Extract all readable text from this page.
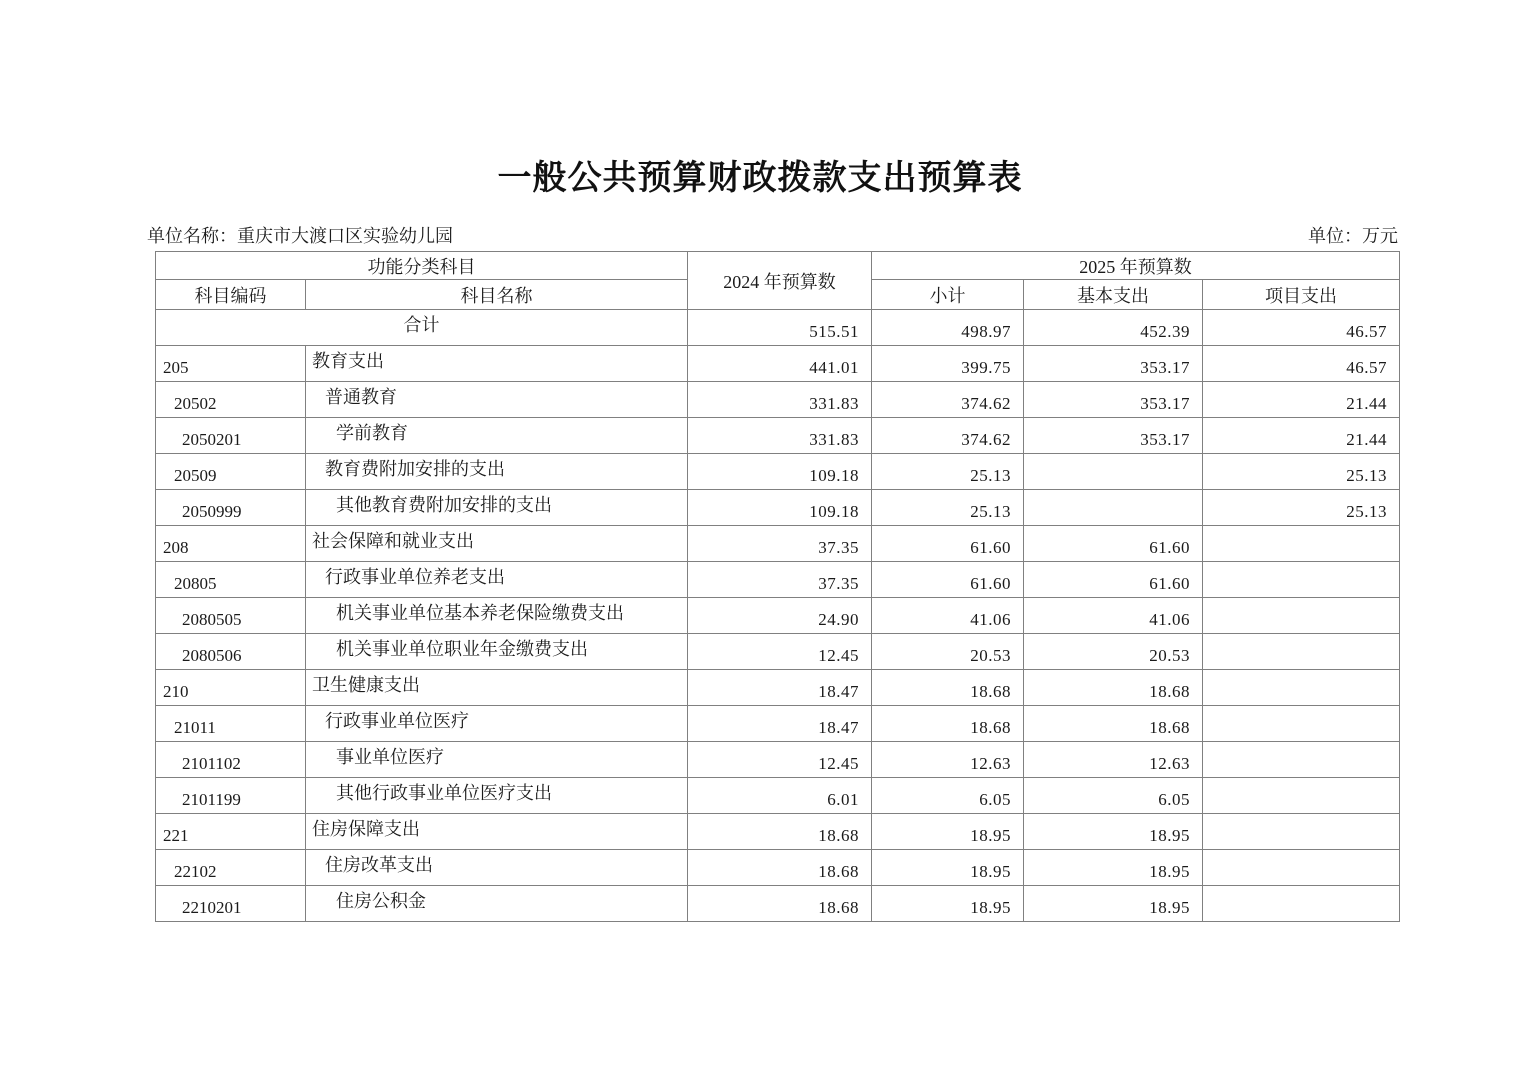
一般公共预算财政拨款支出预算表
单位名称：重庆市大渡口区实验幼儿园	单位：万元
功能分类科目		2024 年预算数	2025 年预算数		
科目编码	科目名称		小计	基本支出	项目支出
合计		515.51	498.97	452.39	46.57
205	教育支出	441.01	399.75	353.17	46.57
20502	普通教育	331.83	374.62	353.17	21.44
2050201	学前教育	331.83	374.62	353.17	21.44
20509	教育费附加安排的支出	109.18	25.13		25.13
2050999	其他教育费附加安排的支出	109.18	25.13		25.13
208	社会保障和就业支出	37.35	61.60	61.60	
20805	行政事业单位养老支出	37.35	61.60	61.60	
2080505	机关事业单位基本养老保险缴费支出	24.90	41.06	41.06	
2080506	机关事业单位职业年金缴费支出	12.45	20.53	20.53	
210	卫生健康支出	18.47	18.68	18.68	
21011	行政事业单位医疗	18.47	18.68	18.68	
2101102	事业单位医疗	12.45	12.63	12.63	
2101199	其他行政事业单位医疗支出	6.01	6.05	6.05	
221	住房保障支出	18.68	18.95	18.95	
22102	住房改革支出	18.68	18.95	18.95	
2210201	住房公积金	18.68	18.95	18.95	
